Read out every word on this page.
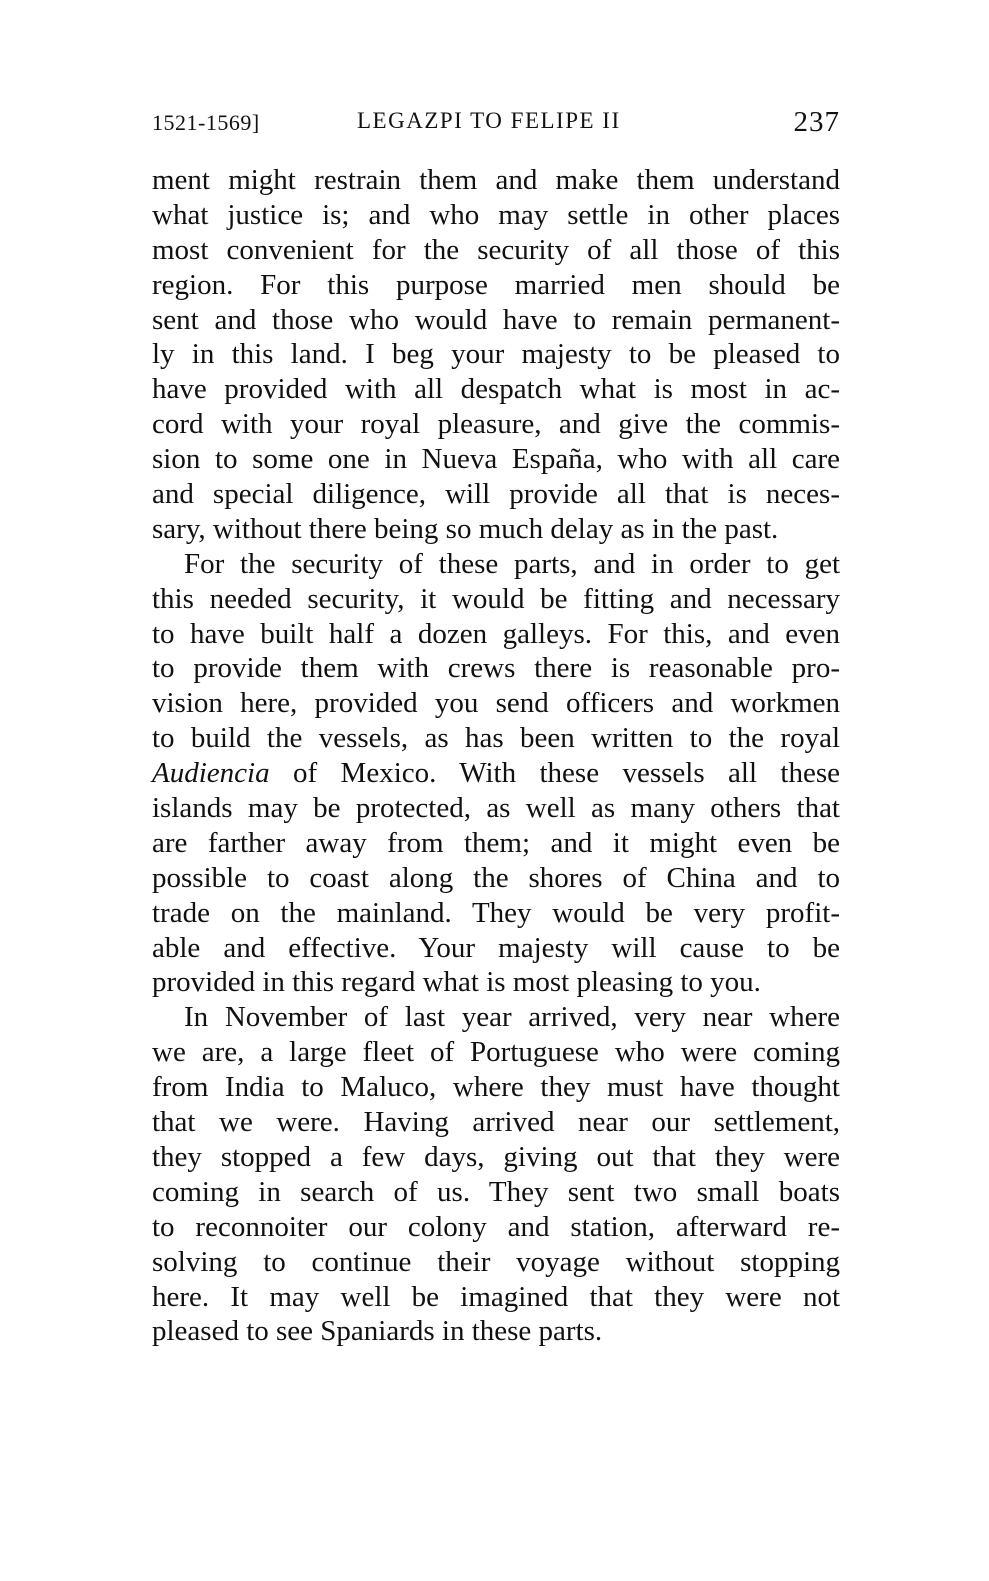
1521-1569]	LEGAZPI TO FELIPE II	237
ment might restrain them and make them understand
what justice is; and who may settle in other places
most convenient for the security of all those of this
region. For this purpose married men should be
sent and those who would have to remain permanent-
ly in this land. I beg your majesty to be pleased to
have provided with all despatch what is most in ac-
cord with your royal pleasure, and give the commis-
sion to some one in Nueva España, who with all care
and special diligence, will provide all that is neces-
sary, without there being so much delay as in the past.
For the security of these parts, and in order to get
this needed security, it would be fitting and necessary
to have built half a dozen galleys. For this, and even
to provide them with crews there is reasonable pro-
vision here, provided you send officers and workmen
to build the vessels, as has been written to the royal
Audiencia of Mexico. With these vessels all these
islands may be protected, as well as many others that
are farther away from them; and it might even be
possible to coast along the shores of China and to
trade on the mainland. They would be very profit-
able and effective. Your majesty will cause to be
provided in this regard what is most pleasing to you.
In November of last year arrived, very near where
we are, a large fleet of Portuguese who were coming
from India to Maluco, where they must have thought
that we were. Having arrived near our settlement,
they stopped a few days, giving out that they were
coming in search of us. They sent two small boats
to reconnoiter our colony and station, afterward re-
solving to continue their voyage without stopping
here. It may well be imagined that they were not
pleased to see Spaniards in these parts.
